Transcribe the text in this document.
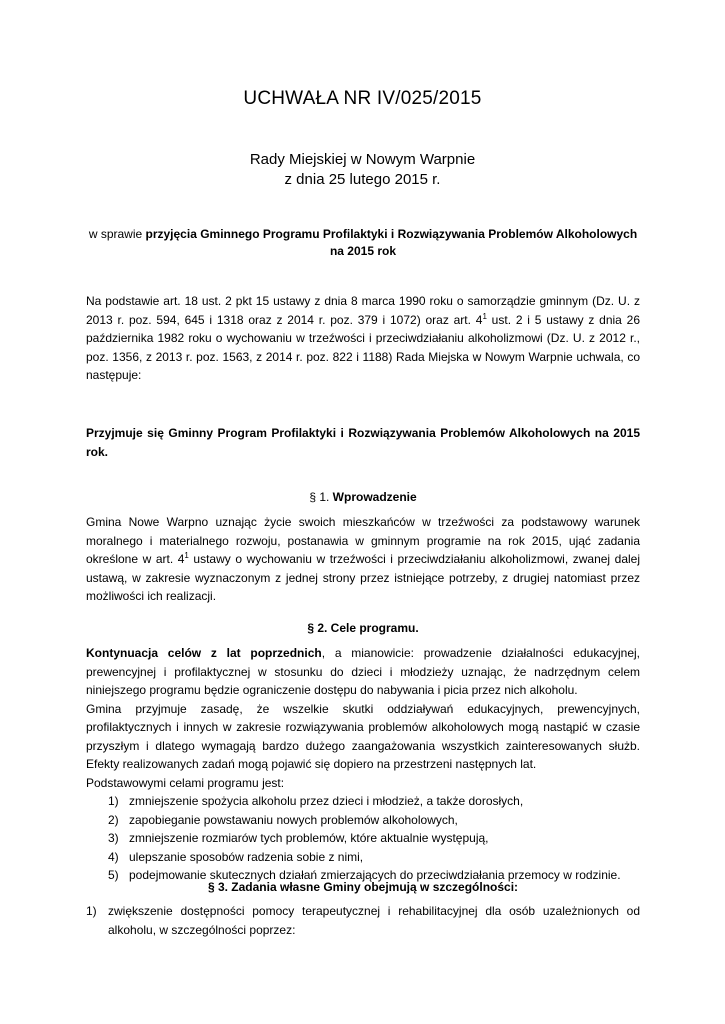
UCHWAŁA NR IV/025/2015
Rady Miejskiej w Nowym Warpnie
z dnia 25 lutego 2015 r.
w sprawie przyjęcia Gminnego Programu Profilaktyki i Rozwiązywania Problemów Alkoholowych na 2015 rok
Na podstawie art. 18 ust. 2 pkt 15 ustawy z dnia 8 marca 1990 roku o samorządzie gminnym (Dz. U. z 2013 r. poz. 594, 645 i 1318 oraz z 2014 r. poz. 379 i 1072) oraz art. $4^1$ ust. 2 i 5 ustawy z dnia 26 października 1982 roku o wychowaniu w trzeźwości i przeciwdziałaniu alkoholizmowi (Dz. U. z 2012 r., poz. 1356, z 2013 r. poz. 1563, z 2014 r. poz. 822 i 1188) Rada Miejska w Nowym Warpnie uchwala, co następuje:
Przyjmuje się Gminny Program Profilaktyki i Rozwiązywania Problemów Alkoholowych na 2015 rok.
§ 1. Wprowadzenie
Gmina Nowe Warpno uznając życie swoich mieszkańców w trzeźwości za podstawowy warunek moralnego i materialnego rozwoju, postanawia w gminnym programie na rok 2015, ująć zadania określone w art. $4^1$ ustawy o wychowaniu w trzeźwości i przeciwdziałaniu alkoholizmowi, zwanej dalej ustawą, w zakresie wyznaczonym z jednej strony przez istniejące potrzeby, z drugiej natomiast przez możliwości ich realizacji.
§ 2. Cele programu.
Kontynuacja celów z lat poprzednich, a mianowicie: prowadzenie działalności edukacyjnej, prewencyjnej i profilaktycznej w stosunku do dzieci i młodzieży uznając, że nadrzędnym celem niniejszego programu będzie ograniczenie dostępu do nabywania i picia przez nich alkoholu.
Gmina przyjmuje zasadę, że wszelkie skutki oddziaływań edukacyjnych, prewencyjnych, profilaktycznych i innych w zakresie rozwiązywania problemów alkoholowych mogą nastąpić w czasie przyszłym i dlatego wymagają bardzo dużego zaangażowania wszystkich zainteresowanych służb. Efekty realizowanych zadań mogą pojawić się dopiero na przestrzeni następnych lat.
Podstawowymi celami programu jest:
1) zmniejszenie spożycia alkoholu przez dzieci i młodzież, a także dorosłych,
2) zapobieganie powstawaniu nowych problemów alkoholowych,
3) zmniejszenie rozmiarów tych problemów, które aktualnie występują,
4) ulepszanie sposobów radzenia sobie z nimi,
5) podejmowanie skutecznych działań zmierzających do przeciwdziałania przemocy w rodzinie.
§ 3. Zadania własne Gminy obejmują w szczególności:
1) zwiększenie dostępności pomocy terapeutycznej i rehabilitacyjnej dla osób uzależnionych od alkoholu, w szczególności poprzez:
